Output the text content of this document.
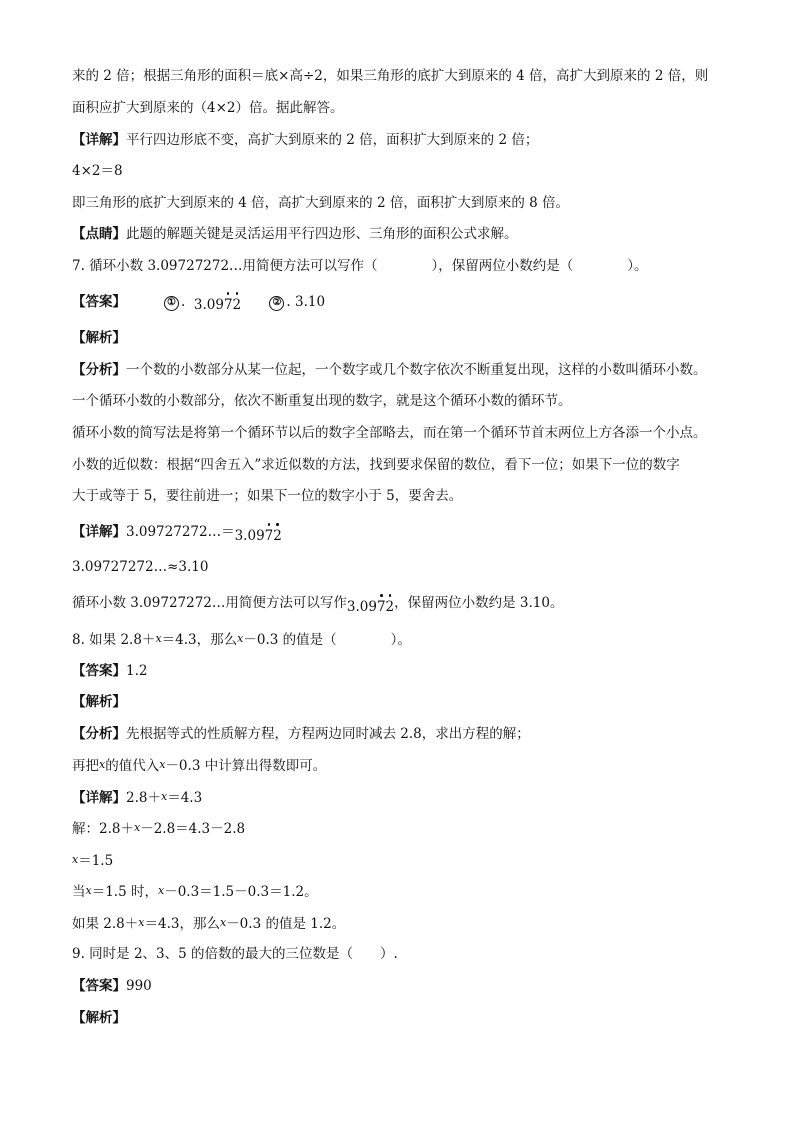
来的 2 倍；根据三角形的面积＝底×高÷2，如果三角形的底扩大到原来的 4 倍，高扩大到原来的 2 倍，则
面积应扩大到原来的（4×2）倍。据此解答。
【详解】平行四边形底不变，高扩大到原来的 2 倍，面积扩大到原来的 2 倍；
4×2＝8
即三角形的底扩大到原来的 4 倍，高扩大到原来的 2 倍，面积扩大到原来的 8 倍。
【点睛】此题的解题关键是灵活运用平行四边形、三角形的面积公式求解。
7. 循环小数 3.09727272…用简便方法可以写作（　　　　），保留两位小数约是（　　　　）。
【答案】	① .  3.0972	② . 3.10
【解析】
【分析】一个数的小数部分从某一位起，一个数字或几个数字依次不断重复出现，这样的小数叫循环小数。
一个循环小数的小数部分，依次不断重复出现的数字，就是这个循环小数的循环节。
循环小数的简写法是将第一个循环节以后的数字全部略去，而在第一个循环节首末两位上方各添一个小点。
小数的近似数：根据“四舍五入”求近似数的方法，找到要求保留的数位，看下一位；如果下一位的数字
大于或等于 5，要往前进一；如果下一位的数字小于 5，要舍去。
【详解】3.09727272…＝3.0972
3.09727272…≈3.10
循环小数 3.09727272…用简便方法可以写作3.0972，保留两位小数约是 3.10。
8. 如果 2.8＋x＝4.3，那么x－0.3 的值是（　　　　）。
【答案】1.2
【解析】
【分析】先根据等式的性质解方程，方程两边同时减去 2.8，求出方程的解；
再把x的值代入x－0.3 中计算出得数即可。
【详解】2.8＋x＝4.3
解：2.8＋x－2.8＝4.3－2.8
x＝1.5
当x＝1.5 时，x－0.3＝1.5－0.3＝1.2。
如果 2.8＋x＝4.3，那么x－0.3 的值是 1.2。
9. 同时是 2、3、5 的倍数的最大的三位数是（　　）.
【答案】990
【解析】
